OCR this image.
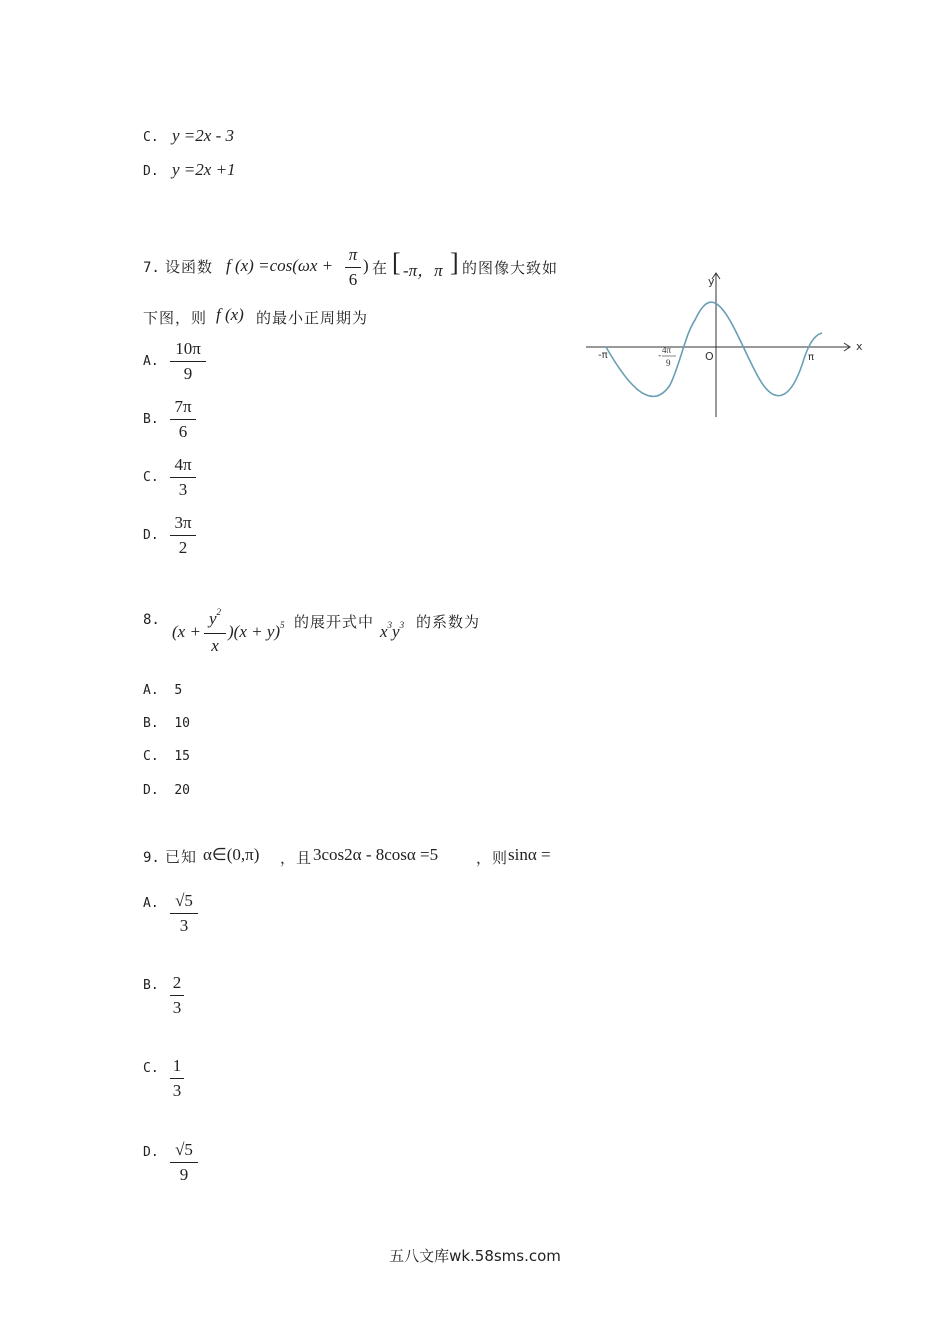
C. y =2x - 3
D. y =2x +1
7. 设函数 f (x) =cos(ωx +
π
6
) 在 [ -π，π ] 的图像大致如
下图，则 f (x) 的最小正周期为
A.
10π
9
B.
7π
6
C.
4π
3
D.
3π
2
y
x
-π	π
O
-
4π
9
8.
(x +
$y^2$
x
)$(x + y)^5$ 的展开式中 $x^3y^3$ 的系数为
A. 5
B. 10
C. 15
D. 20
9. 已知 α∈(0,π) ，且 3cos2α - 8cosα =5	，则 sinα =
A. √5
3
B. 2
3
C. 1
3
D. √5
9
五八文库wk.58sms.com
